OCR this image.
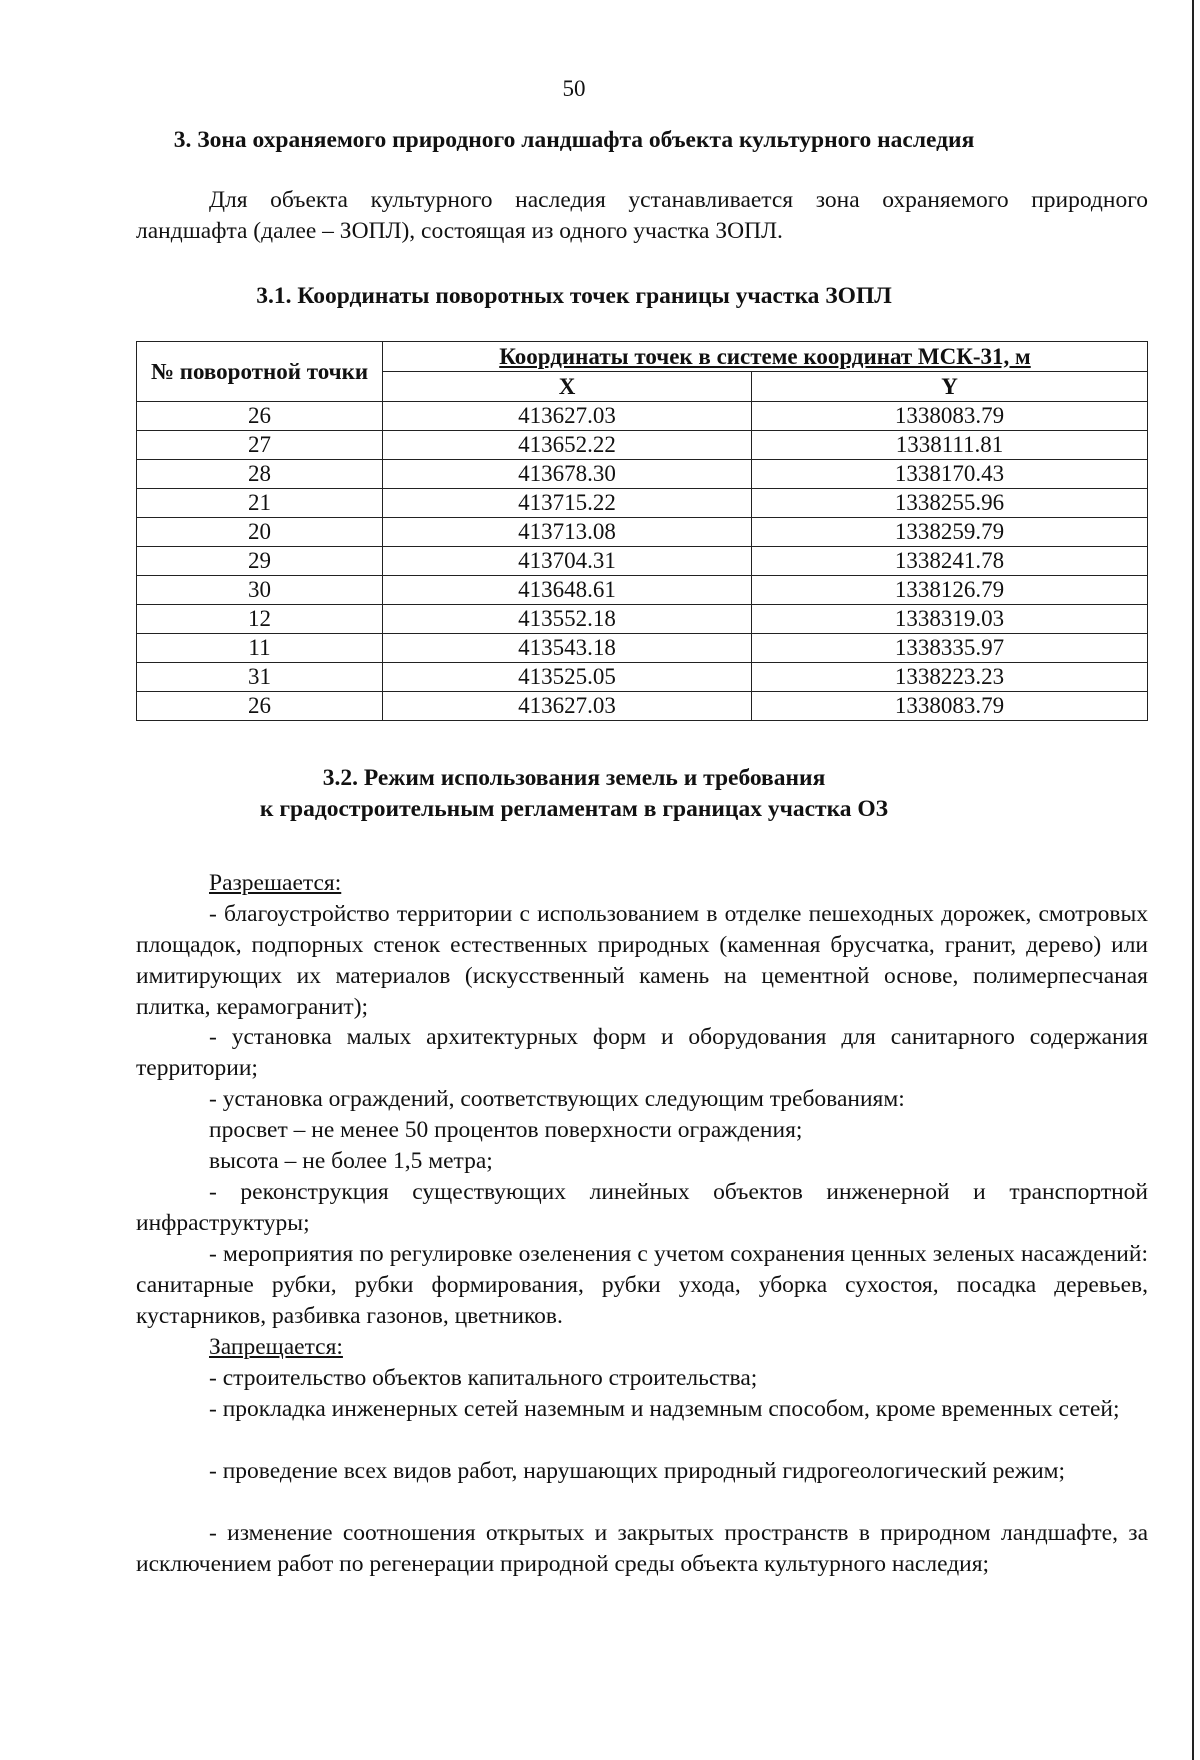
50
3. Зона охраняемого природного ландшафта объекта культурного наследия
Для объекта культурного наследия устанавливается зона охраняемого природного ландшафта (далее – ЗОПЛ), состоящая из одного участка ЗОПЛ.
3.1. Координаты поворотных точек границы участка ЗОПЛ
№ поворотной точки	Координаты точек в системе координат МСК-31, м	
	X	Y
26	413627.03	1338083.79
27	413652.22	1338111.81
28	413678.30	1338170.43
21	413715.22	1338255.96
20	413713.08	1338259.79
29	413704.31	1338241.78
30	413648.61	1338126.79
12	413552.18	1338319.03
11	413543.18	1338335.97
31	413525.05	1338223.23
26	413627.03	1338083.79
3.2. Режим использования земель и требования
к градостроительным регламентам в границах участка ОЗ
Разрешается:
- благоустройство территории с использованием в отделке пешеходных дорожек, смотровых площадок, подпорных стенок естественных природных (каменная брусчатка, гранит, дерево) или имитирующих их материалов (искусственный камень на цементной основе, полимерпесчаная плитка, керамогранит);
- установка малых архитектурных форм и оборудования для санитарного содержания территории;
- установка ограждений, соответствующих следующим требованиям:
просвет – не менее 50 процентов поверхности ограждения;
высота – не более 1,5 метра;
- реконструкция существующих линейных объектов инженерной и транспортной инфраструктуры;
- мероприятия по регулировке озеленения с учетом сохранения ценных зеленых насаждений: санитарные рубки, рубки формирования, рубки ухода, уборка сухостоя, посадка деревьев, кустарников, разбивка газонов, цветников.
Запрещается:
- строительство объектов капитального строительства;
- прокладка инженерных сетей наземным и надземным способом, кроме временных сетей;
- проведение всех видов работ, нарушающих природный гидрогеологический режим;
- изменение соотношения открытых и закрытых пространств в природном ландшафте, за исключением работ по регенерации природной среды объекта культурного наследия;
